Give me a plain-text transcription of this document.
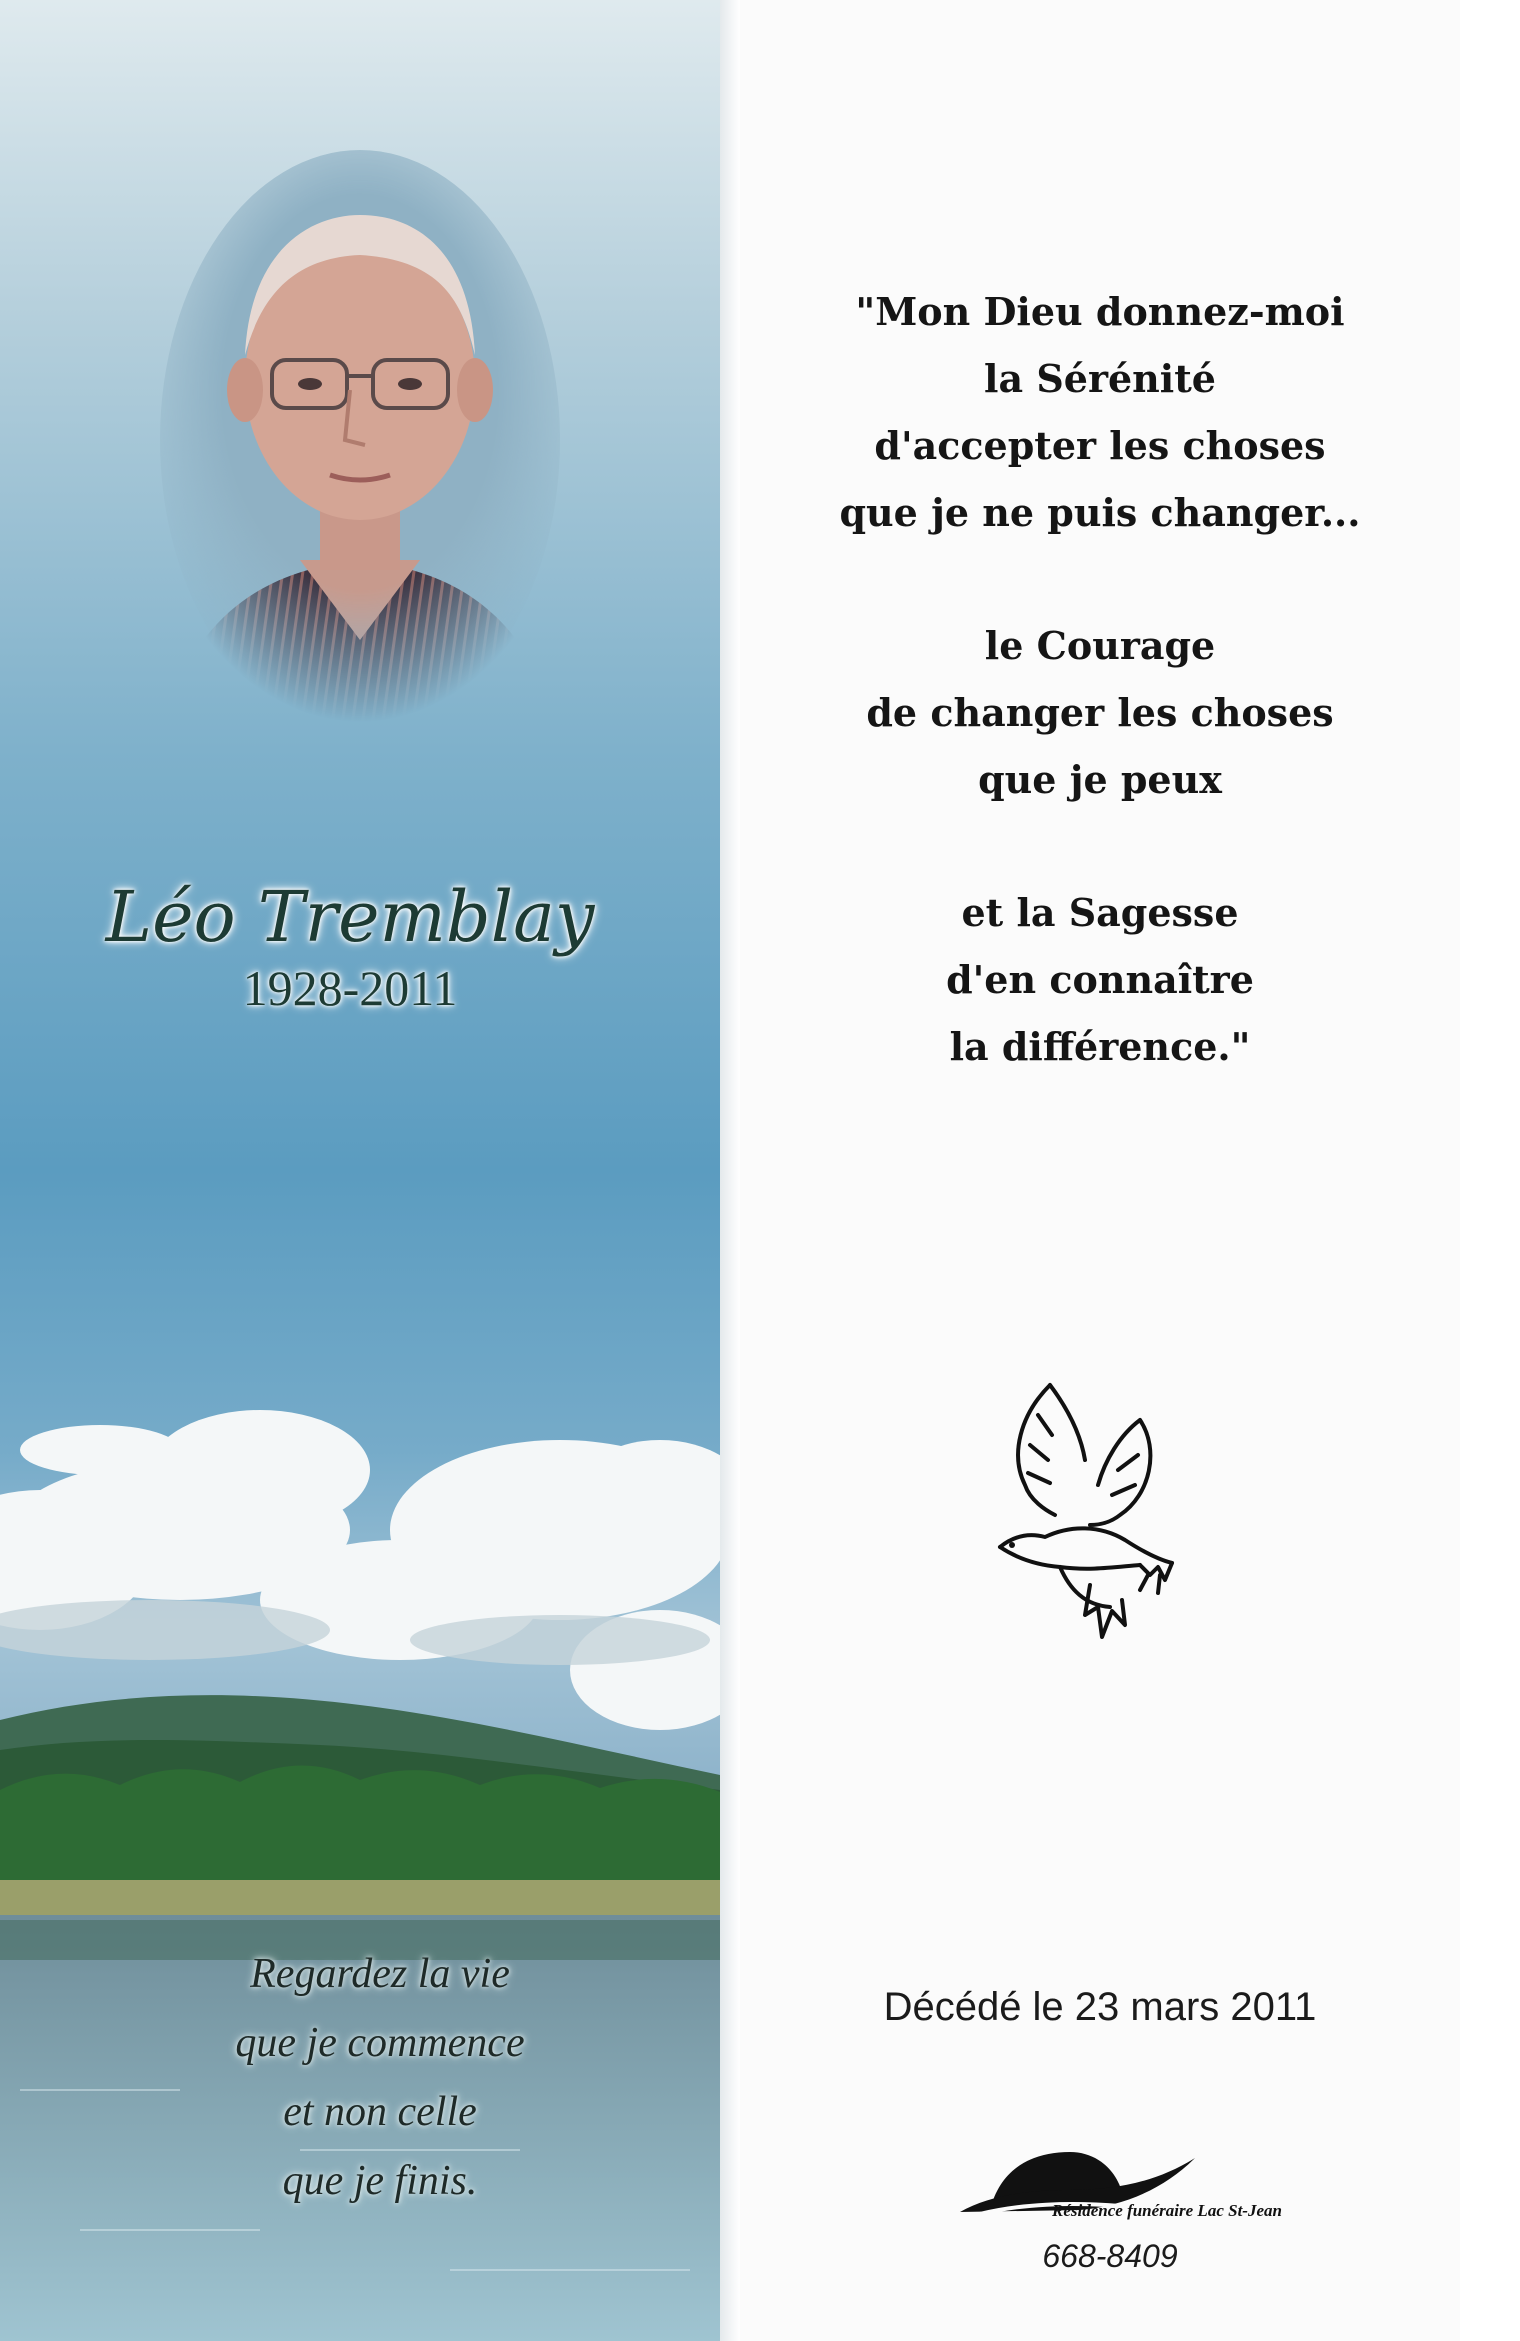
Léo Tremblay
1928-2011
Regardez la vie
que je commence
et non celle
que je finis.
"Mon Dieu donnez-moi
la Sérénité
d'accepter les choses
que je ne puis changer...
le Courage
de changer les choses
que je peux
et la Sagesse
d'en connaître
la différence."
Décédé le 23 mars 2011
Résidence funéraire Lac St-Jean
668-8409
